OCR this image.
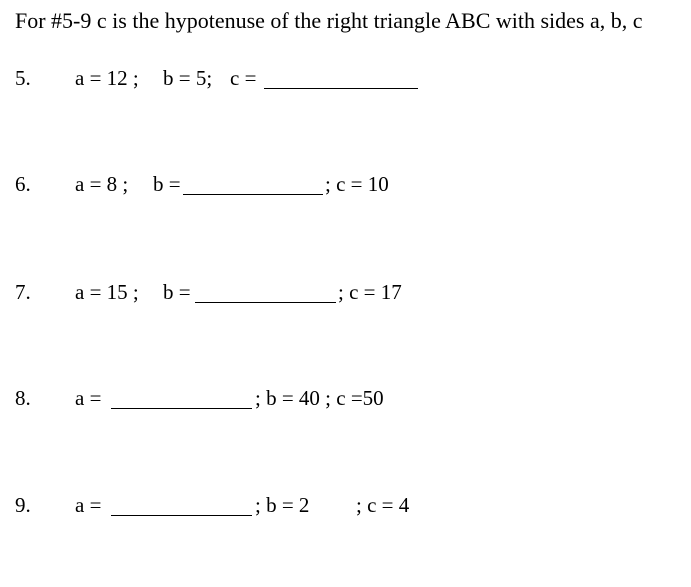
For #5-9 c is the hypotenuse of the right triangle ABC with sides a, b, c
5. a = 12 ; b = 5; c =
6. a = 8 ; b =	; c = 10
7. a = 15 ; b =	; c = 17
8. a =	; b = 40 ; c =50
9. a =	; b = 2 ; c = 4
